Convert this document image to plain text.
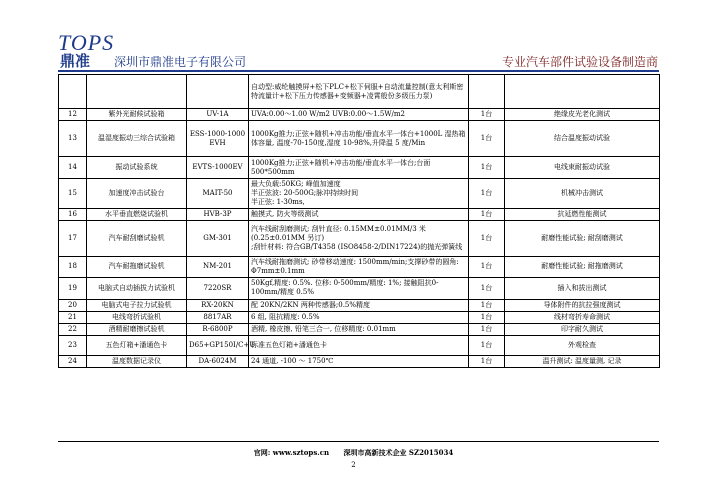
TOPS
鼎准 深圳市鼎准电子有限公司	专业汽车部件试验设备制造商
			自动型:威纶触摸屏+松下PLC+松下伺服+自动流量控制(意太利斯密特流量计+松下压力传感器+变频器+凌霄般份多级压力泵)		
12	紫外光耐候试验箱	UV-1A	UVA:0.00～1.00 W/m2 UVB:0.00～1.5W/m2	1台	绝缘皮光老化测试
13	温湿度振动三综合试验箱	ESS-1000-1000 EVH	1000Kg推力;正弦+随机+冲击功能/垂直水平一体台+1000L 湿热箱体容量, 温度-70-150度,湿度 10-98%,升降温 5 度/Min	1台	结合温度振动试验
14	振动试验系统	EVTS-1000EV	1000Kg推力;正弦+随机+冲击功能/垂直水平一体台;台面500*500mm	1台	电线束耐振动试验
15	加速度冲击试验台	MAIT-50	最大负载:50KG; 峰值加速度
半正弦波: 20-500G;脉冲持续时间
半正弦: 1-30ms,	1台	机械冲击测试
16	水平垂直燃烧试验机	HVB-3P	触摸式, 防火等级测试	1台	抗延燃性能测试
17	汽车耐刮磨试验机	GM-301	汽车线耐刮磨测试; 刮针直径: 0.15MM±0.01MM/3 米(0.25±0.01MM 另订)
;刮针材料: 符合GB/T4358 (ISO8458-2/DIN17224)的抛光弹簧线	1台	耐磨性能试验; 耐刮磨测试
18	汽车耐拖磨试验机	NM-201	汽车线耐拖磨测试; 砂带移动速度: 1500mm/min;支撑砂带的圆角: Φ7mm±0.1mm	1台	耐磨性能试验; 耐拖磨测试
19	电脑式自动插拔力试验机	7220SR	50Kgf,精度: 0.5%. 位移: 0-500mm/精度: 1%; 接触阻抗0-100mm/精度 0.5%	1台	插入和拔出测试
20	电脑式电子拉力试验机	RX-20KN	配 20KN/2KN 两种传感器;0.5%精度	1台	导体附件的抗拉强度测试
21	电线弯折试验机	8817AR	6 组, 阻抗精度: 0.5%	1台	线材弯折寿命测试
22	酒精耐磨擦试验机	R-6800P	酒精, 橡皮擦, 铅笔三合一, 位移精度: 0.01mm	1台	印字耐久测试
23	五色灯箱+潘通色卡	D65+GP150I/C+U	标准五色灯箱+潘通色卡	1台	外观检查
24	温度数据记录仪	DA-6024M	24 通道, -100 ～ 1750℃	1台	温升测试: 温度量测, 记录
官网: www.sztops.cn 深圳市高新技术企业 SZ2015034
2
